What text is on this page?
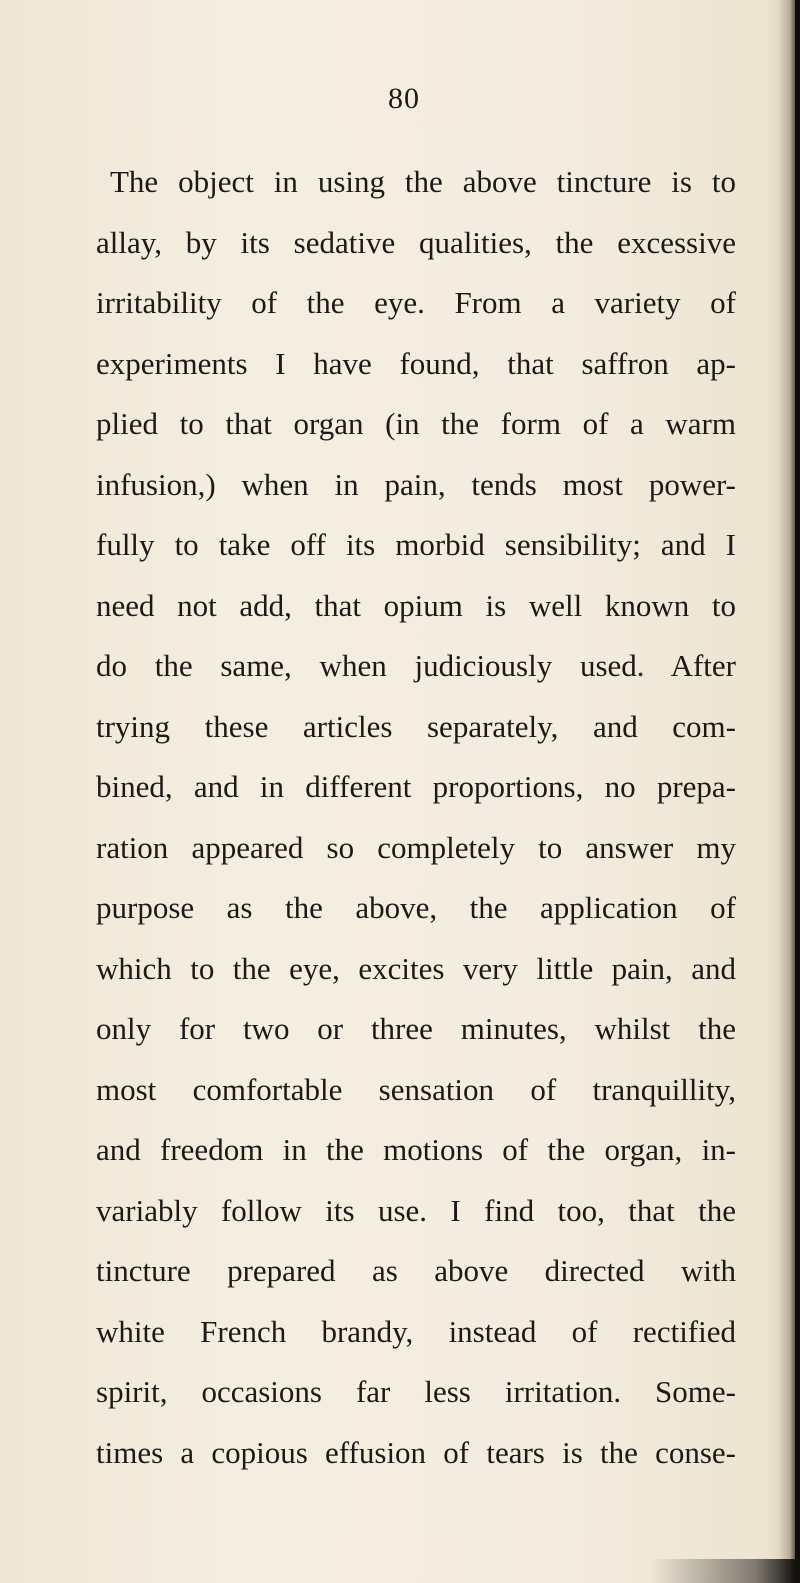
80
The object in using the above tincture is to
allay, by its sedative qualities, the excessive
irritability of the eye. From a variety of
experiments I have found, that saffron ap-
plied to that organ (in the form of a warm
infusion,) when in pain, tends most power-
fully to take off its morbid sensibility; and I
need not add, that opium is well known to
do the same, when judiciously used. After
trying these articles separately, and com-
bined, and in different proportions, no prepa-
ration appeared so completely to answer my
purpose as the above, the application of
which to the eye, excites very little pain, and
only for two or three minutes, whilst the
most comfortable sensation of tranquillity,
and freedom in the motions of the organ, in-
variably follow its use. I find too, that the
tincture prepared as above directed with
white French brandy, instead of rectified
spirit, occasions far less irritation. Some-
times a copious effusion of tears is the conse-
